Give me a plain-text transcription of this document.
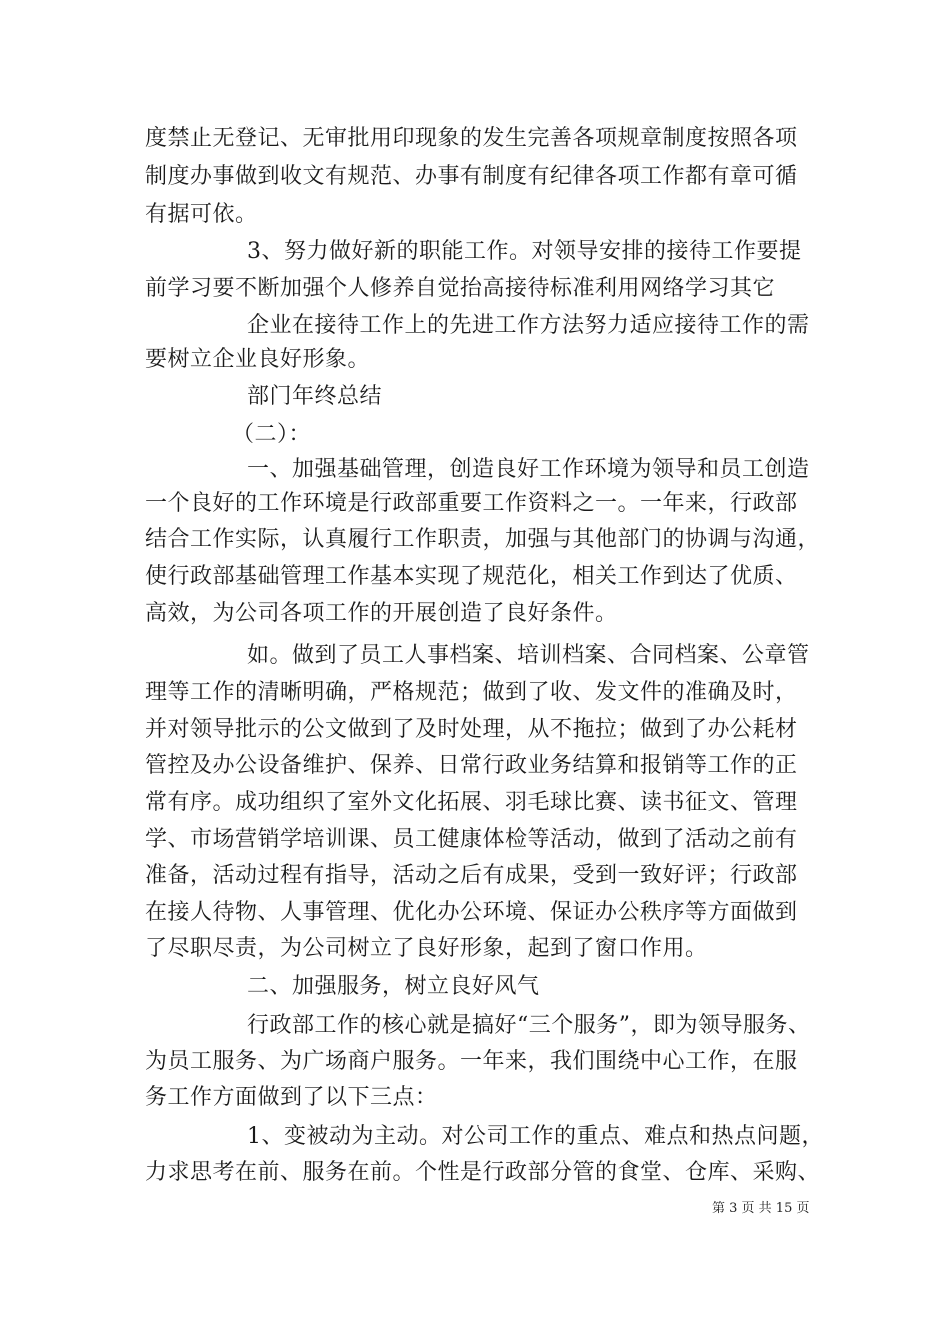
度禁止无登记、无审批用印现象的发生完善各项规章制度按照各项
制度办事做到收文有规范、办事有制度有纪律各项工作都有章可循
有据可依。
3、努力做好新的职能工作。对领导安排的接待工作要提
前学习要不断加强个人修养自觉抬高接待标准利用网络学习其它
企业在接待工作上的先进工作方法努力适应接待工作的需
要树立企业良好形象。
部门年终总结
（二）：
一、加强基础管理，创造良好工作环境为领导和员工创造
一个良好的工作环境是行政部重要工作资料之一。一年来，行政部
结合工作实际，认真履行工作职责，加强与其他部门的协调与沟通，
使行政部基础管理工作基本实现了规范化，相关工作到达了优质、
高效，为公司各项工作的开展创造了良好条件。
如。做到了员工人事档案、培训档案、合同档案、公章管
理等工作的清晰明确，严格规范；做到了收、发文件的准确及时，
并对领导批示的公文做到了及时处理，从不拖拉；做到了办公耗材
管控及办公设备维护、保养、日常行政业务结算和报销等工作的正
常有序。成功组织了室外文化拓展、羽毛球比赛、读书征文、管理
学、市场营销学培训课、员工健康体检等活动，做到了活动之前有
准备，活动过程有指导，活动之后有成果，受到一致好评；行政部
在接人待物、人事管理、优化办公环境、保证办公秩序等方面做到
了尽职尽责，为公司树立了良好形象，起到了窗口作用。
二、加强服务，树立良好风气
行政部工作的核心就是搞好“三个服务”，即为领导服务、
为员工服务、为广场商户服务。一年来，我们围绕中心工作，在服
务工作方面做到了以下三点：
1、变被动为主动。对公司工作的重点、难点和热点问题，
力求思考在前、服务在前。个性是行政部分管的食堂、仓库、采购、
第 3 页 共 15 页
